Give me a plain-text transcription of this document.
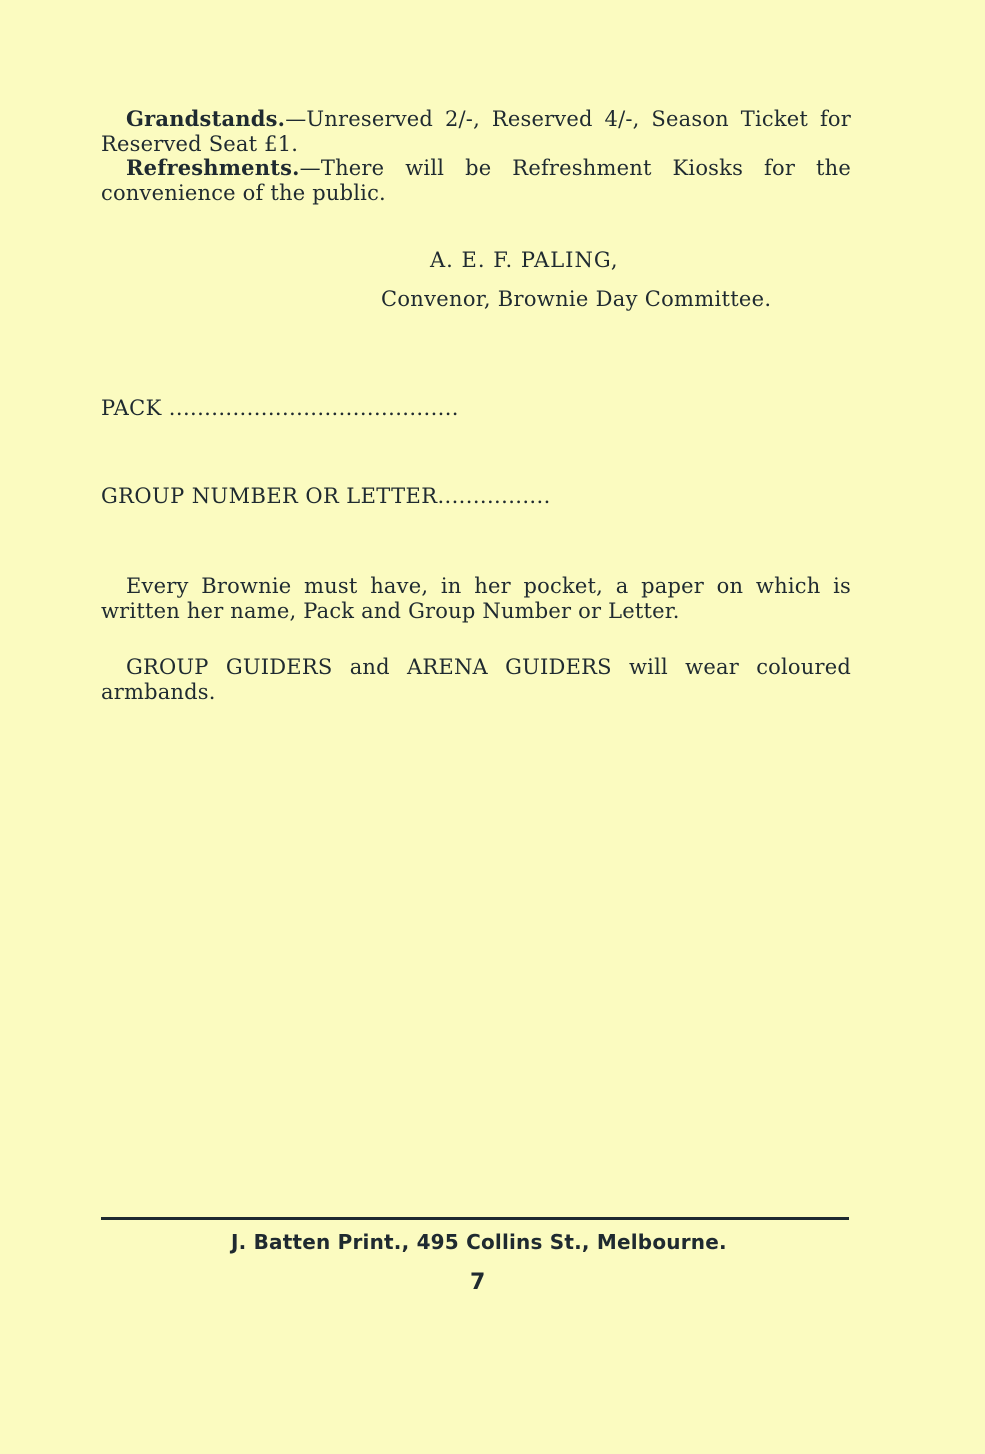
Grandstands.—Unreserved 2/-, Reserved 4/-, Season Ticket for Reserved Seat £1.

Refreshments.—There will be Refreshment Kiosks for the convenience of the public.

A. E. F. PALING,
Convenor, Brownie Day Committee.
PACK .........................................
GROUP NUMBER OR LETTER................

Every Brownie must have, in her pocket, a paper on which is written her name, Pack and Group Number or Letter.

GROUP GUIDERS and ARENA GUIDERS will wear coloured armbands.

J. Batten Print., 495 Collins St., Melbourne.
7
